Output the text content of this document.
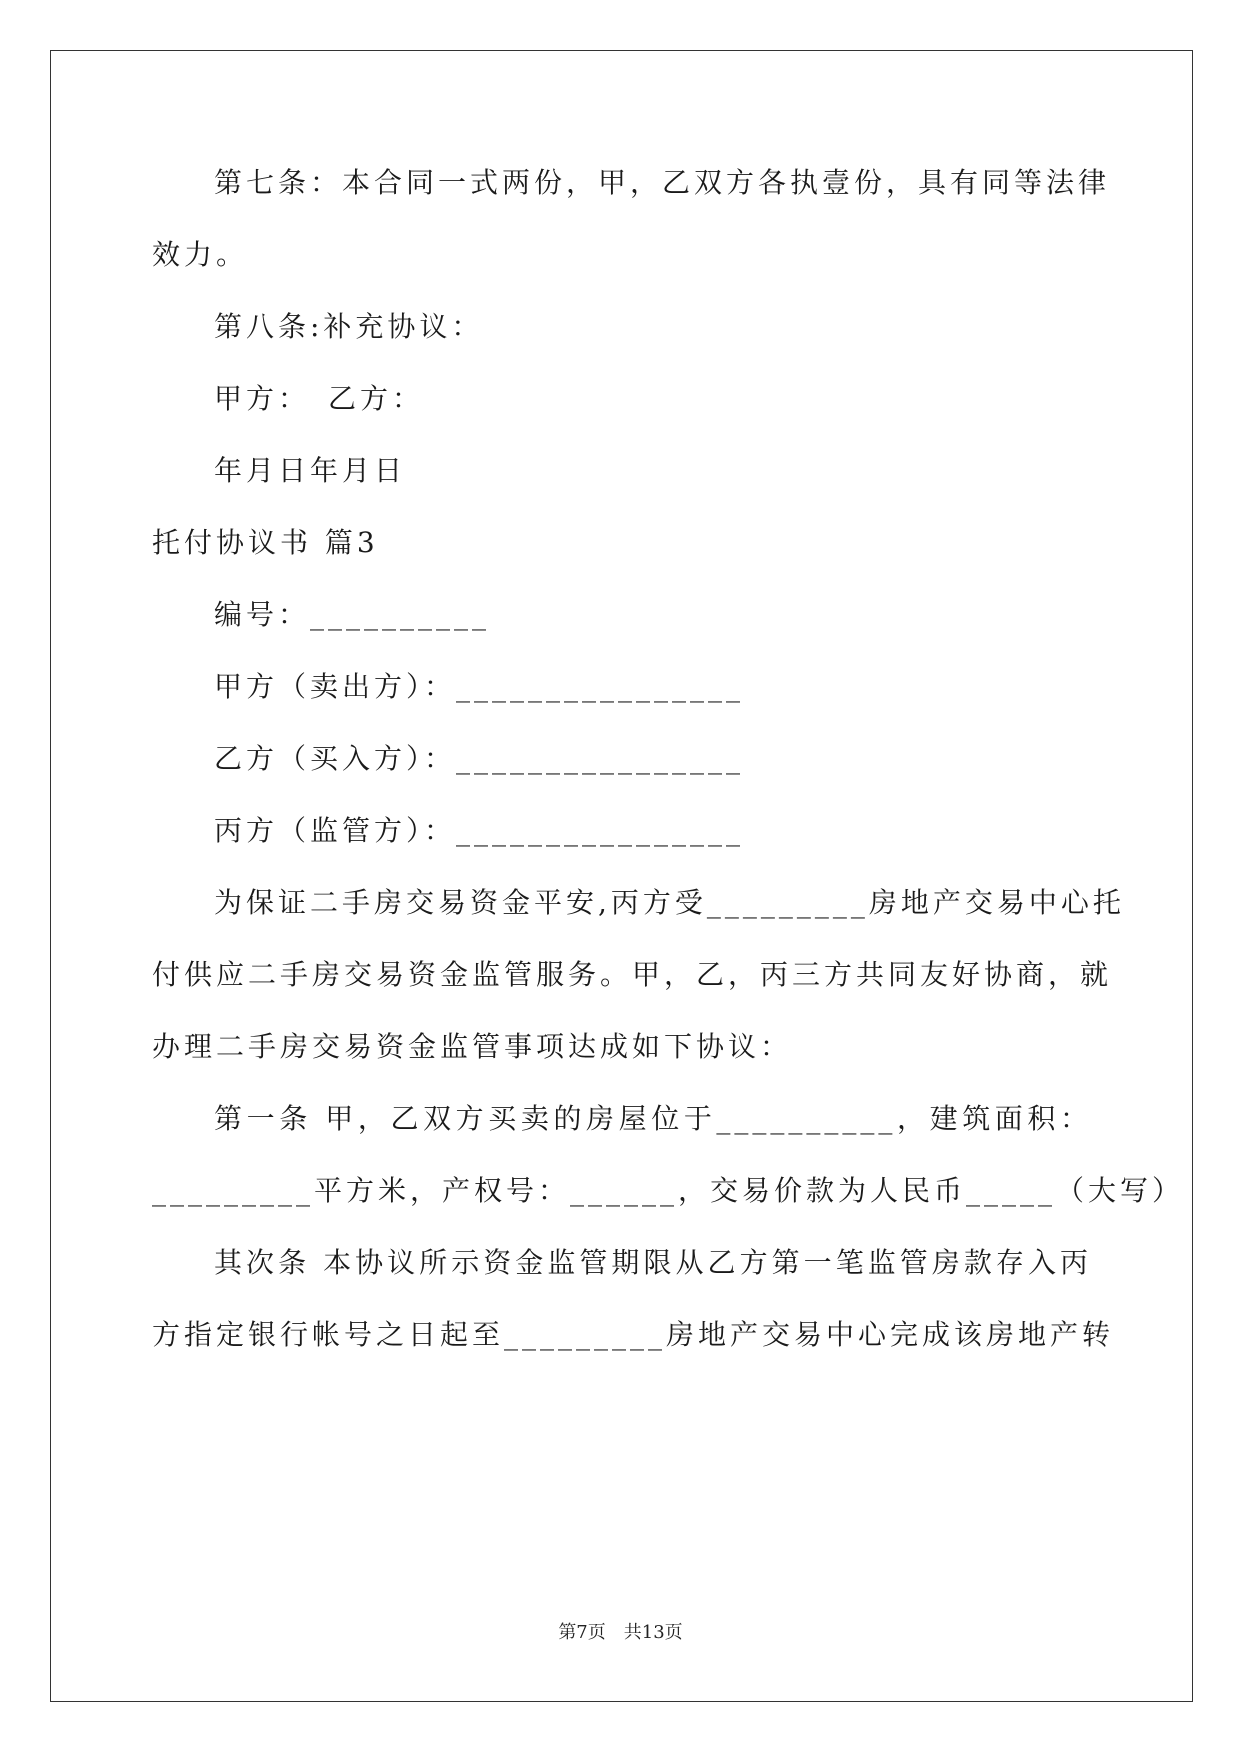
第七条：本合同一式两份，甲，乙双方各执壹份，具有同等法律
效力。
第八条:补充协议：
甲方：　乙方：
年月日年月日
托付协议书 篇3
编号：__________
甲方（卖出方）：________________
乙方（买入方）：________________
丙方（监管方）：________________
为保证二手房交易资金平安,丙方受_________房地产交易中心托
付供应二手房交易资金监管服务。甲，乙，丙三方共同友好协商，就
办理二手房交易资金监管事项达成如下协议：
第一条 甲，乙双方买卖的房屋位于__________，建筑面积：
_________平方米，产权号：______，交易价款为人民币_____（大写）
其次条 本协议所示资金监管期限从乙方第一笔监管房款存入丙
方指定银行帐号之日起至_________房地产交易中心完成该房地产转
第7页　共13页
